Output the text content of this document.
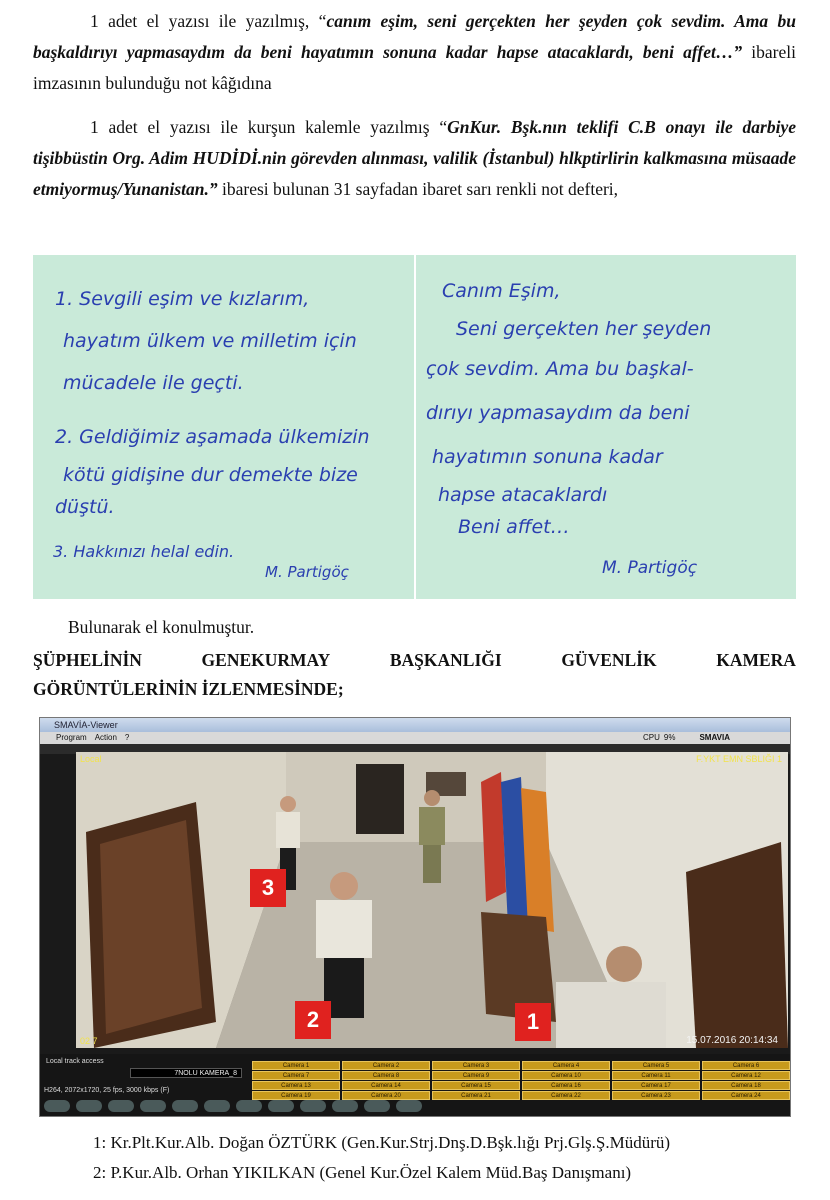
1 adet el yazısı ile yazılmış, “canım eşim, seni gerçekten her şeyden çok sevdim. Ama bu başkaldırıyı yapmasaydım da beni hayatımın sonuna kadar hapse atacaklardı, beni affet…” ibareli imzasının bulunduğu not kâğıdına

1 adet el yazısı ile kurşun kalemle yazılmış “GnKur. Bşk.nın teklifi C.B onayı ile darbiye tişibbüstin Org. Adim HUDİDİ.nin görevden alınması, valilik (İstanbul) hlkptirlirin kalkmasına müsaade etmiyormuş/Yunanistan.” ibaresi bulunan 31 sayfadan ibaret sarı renkli not defteri,

1. Sevgili eşim ve kızlarım,
hayatım ülkem ve milletim için
mücadele ile geçti.
2. Geldiğimiz aşamada ülkemizin
kötü gidişine dur demekte bize
düştü.
3. Hakkınızı helal edin.
M. Partigöç
Canım Eşim,
Seni gerçekten her şeyden
çok sevdim. Ama bu başkal-
dırıyı yapmasaydım da beni
hayatımın sonuna kadar
hapse atacaklardı
Beni affet…
M. Partigöç
Bulunarak el konulmuştur.
ŞÜPHELİNİN	GENEKURMAY	BAŞKANLIĞI	GÜVENLİK	KAMERA
GÖRÜNTÜLERİNİN İZLENMESİNDE;
SMAVİA-Viewer
Program Action ?	CPU 9%	SMAVIA
Local	F.YKT EMN SBLIĞI 1
02 7	15.07.2016 20:14:34
1
2
3
Local track access
7NOLU KAMERA_8
H264, 2072x1720, 25 fps, 3000 kbps (F)
Camera 1	Camera 2	Camera 3	Camera 4	Camera 5	Camera 6
Camera 7	Camera 8	Camera 9	Camera 10	Camera 11	Camera 12
Camera 13	Camera 14	Camera 15	Camera 16	Camera 17	Camera 18
Camera 19	Camera 20	Camera 21	Camera 22	Camera 23	Camera 24
1: Kr.Plt.Kur.Alb. Doğan ÖZTÜRK (Gen.Kur.Strj.Dnş.D.Bşk.lığı Prj.Glş.Ş.Müdürü)
2: P.Kur.Alb. Orhan YIKILKAN (Genel Kur.Özel Kalem Müd.Baş Danışmanı)
